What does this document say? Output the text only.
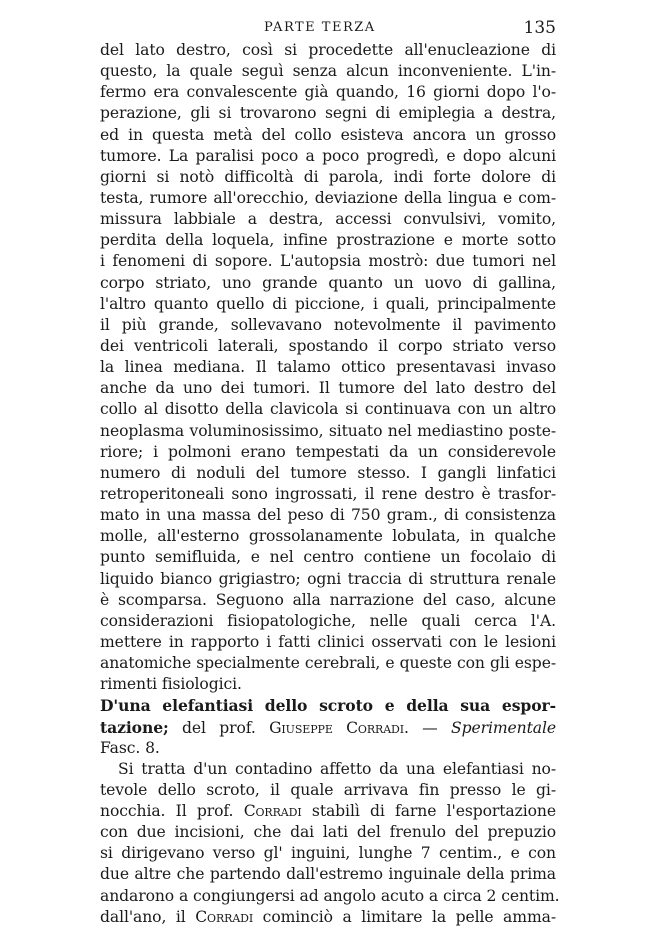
PARTE TERZA	135
del lato destro, così si procedette all'enucleazione di
questo, la quale seguì senza alcun inconveniente. L'in-
fermo era convalescente già quando, 16 giorni dopo l'o-
perazione, gli si trovarono segni di emiplegia a destra,
ed in questa metà del collo esisteva ancora un grosso
tumore. La paralisi poco a poco progredì, e dopo alcuni
giorni si notò difficoltà di parola, indi forte dolore di
testa, rumore all'orecchio, deviazione della lingua e com-
missura labbiale a destra, accessi convulsivi, vomito,
perdita della loquela, infine prostrazione e morte sotto
i fenomeni di sopore. L'autopsia mostrò: due tumori nel
corpo striato, uno grande quanto un uovo di gallina,
l'altro quanto quello di piccione, i quali, principalmente
il più grande, sollevavano notevolmente il pavimento
dei ventricoli laterali, spostando il corpo striato verso
la linea mediana. Il talamo ottico presentavasi invaso
anche da uno dei tumori. Il tumore del lato destro del
collo al disotto della clavicola si continuava con un altro
neoplasma voluminosissimo, situato nel mediastino poste-
riore; i polmoni erano tempestati da un considerevole
numero di noduli del tumore stesso. I gangli linfatici
retroperitoneali sono ingrossati, il rene destro è trasfor-
mato in una massa del peso di 750 gram., di consistenza
molle, all'esterno grossolanamente lobulata, in qualche
punto semifluida, e nel centro contiene un focolaio di
liquido bianco grigiastro; ogni traccia di struttura renale
è scomparsa. Seguono alla narrazione del caso, alcune
considerazioni fisiopatologiche, nelle quali cerca l'A.
mettere in rapporto i fatti clinici osservati con le lesioni
anatomiche specialmente cerebrali, e queste con gli espe-
rimenti fisiologici.
D'una elefantiasi dello scroto e della sua espor-
tazione; del prof. Giuseppe Corradi. — Sperimentale
Fasc. 8.
Si tratta d'un contadino affetto da una elefantiasi no-
tevole dello scroto, il quale arrivava fin presso le gi-
nocchia. Il prof. Corradi stabilì di farne l'esportazione
con due incisioni, che dai lati del frenulo del prepuzio
si dirigevano verso gl' inguini, lunghe 7 centim., e con
due altre che partendo dall'estremo inguinale della prima
andarono a congiungersi ad angolo acuto a circa 2 centim.
dall'ano, il Corradi cominciò a limitare la pelle amma-
